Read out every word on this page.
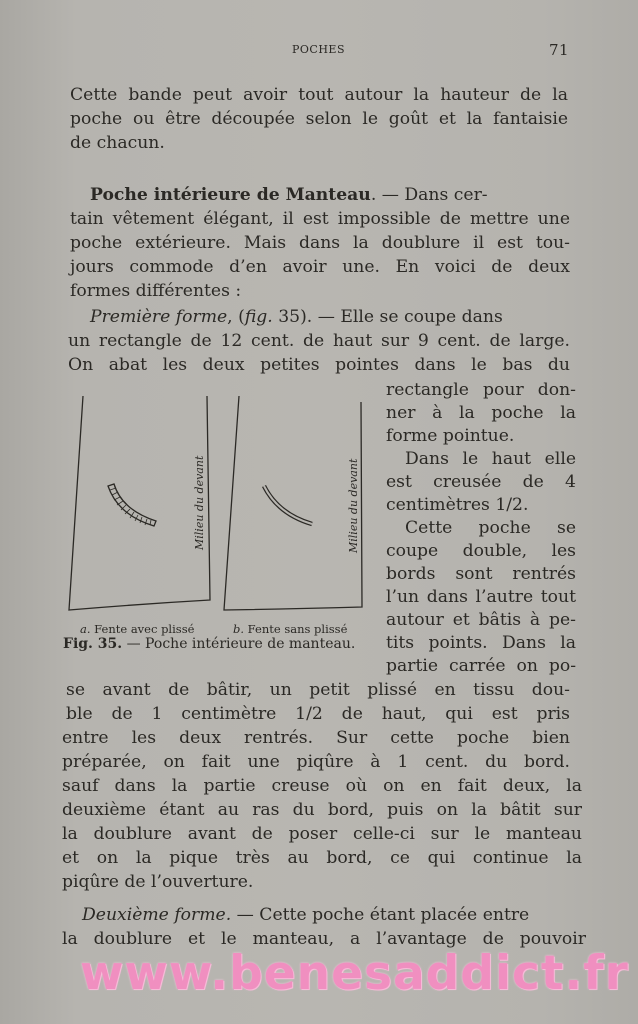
POCHES	71
Cette bande peut avoir tout autour la hauteur de la
poche ou être découpée selon le goût et la fantaisie
de chacun.
Poche intérieure de Manteau. — Dans cer-
tain vêtement élégant, il est impossible de mettre une
poche extérieure. Mais dans la doublure il est tou-
jours commode d’en avoir une. En voici de deux
formes différentes :
Première forme, (fig. 35). — Elle se coupe dans
un rectangle de 12 cent. de haut sur 9 cent. de large.
On abat les deux petites pointes dans le bas du
rectangle pour don-
ner à la poche la
forme pointue.
Dans le haut elle
est creusée de 4
centimètres 1/2.
Cette poche se
coupe double, les
bords sont rentrés
l’un dans l’autre tout
autour et bâtis à pe-
tits points. Dans la
partie carrée on po-
Milieu du devant	Milieu du devant
a. Fente avec plissé	b. Fente sans plissé
Fig. 35. — Poche intérieure de manteau.
se avant de bâtir, un petit plissé en tissu dou-
ble de 1 centimètre 1/2 de haut, qui est pris
entre les deux rentrés. Sur cette poche bien
préparée, on fait une piqûre à 1 cent. du bord.
sauf dans la partie creuse où on en fait deux, la
deuxième étant au ras du bord, puis on la bâtit sur
la doublure avant de poser celle-ci sur le manteau
et on la pique très au bord, ce qui continue la
piqûre de l’ouverture.
Deuxième forme. — Cette poche étant placée entre
la doublure et le manteau, a l’avantage de pouvoir
www.benesaddict.fr
